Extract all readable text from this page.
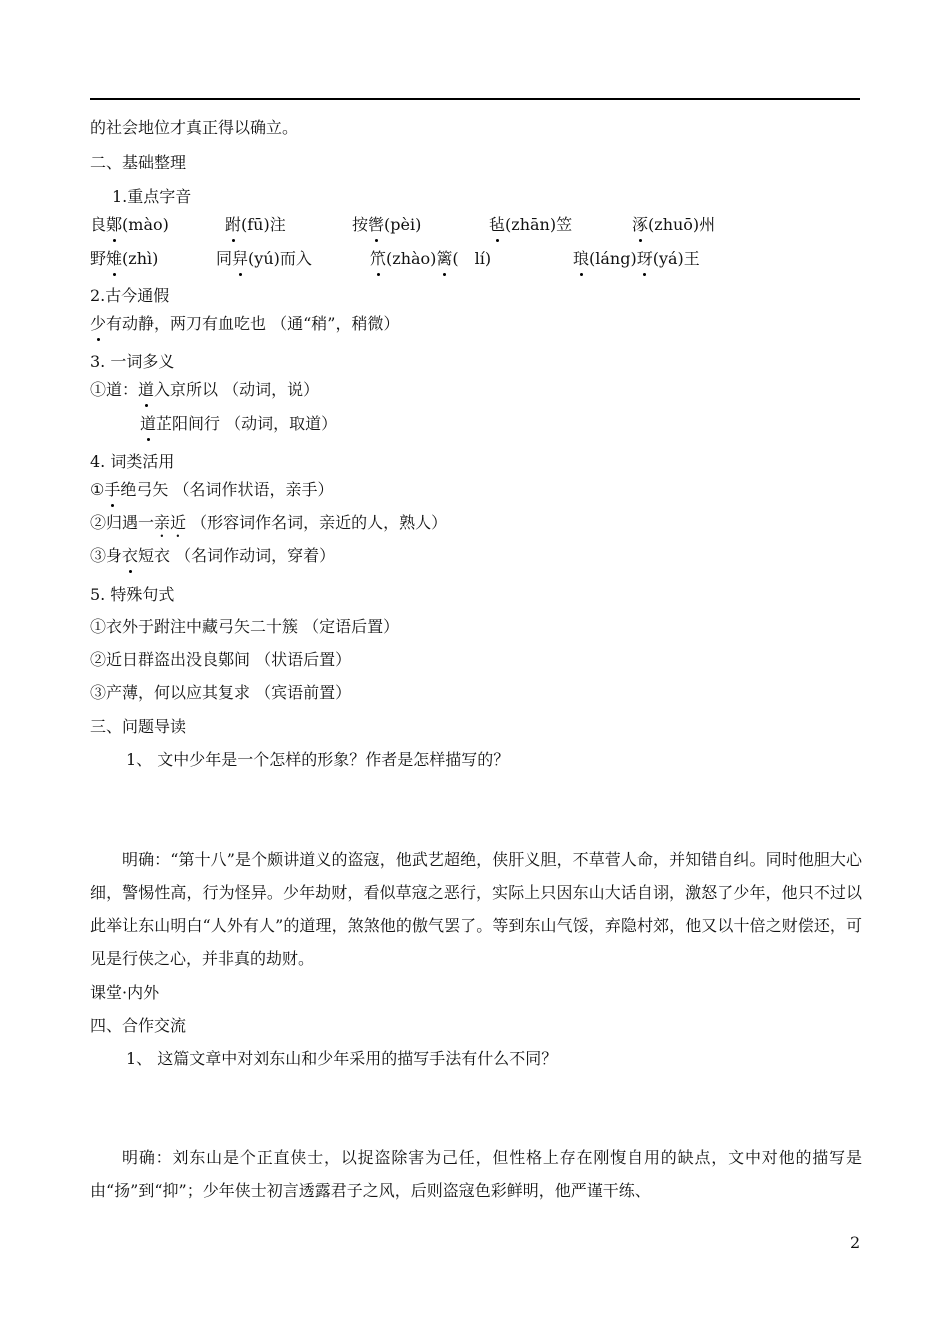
的社会地位才真正得以确立。
二、基础整理
1.重点字音
良鄚(mào)	跗(fū)注	按辔(pèi)	毡(zhān)笠	涿(zhuō)州
野雉(zhì)	同舁(yú)而入	笊(zhào)篱(　lí)	琅(láng)玡(yá)王
2.古今通假
少有动静，两刀有血吃也 （通“稍”，稍微）
3. 一词多义
①道：道入京所以 （动词，说）
道芷阳间行 （动词，取道）
4. 词类活用
①手绝弓矢 （名词作状语，亲手）
②归遇一亲近 （形容词作名词，亲近的人，熟人）
③身衣短衣 （名词作动词，穿着）
5. 特殊句式
①衣外于跗注中藏弓矢二十簇 （定语后置）
②近日群盗出没良鄚间 （状语后置）
③产薄，何以应其复求 （宾语前置）
三、问题导读
1、 文中少年是一个怎样的形象？作者是怎样描写的？
明确：“第十八”是个颇讲道义的盗寇，他武艺超绝，侠肝义胆，不草菅人命，并知错自纠。同时他胆大心细，警惕性高，行为怪异。少年劫财，看似草寇之恶行，实际上只因东山大话自诩，激怒了少年，他只不过以此举让东山明白“人外有人”的道理，煞煞他的傲气罢了。等到东山气馁，弃隐村郊，他又以十倍之财偿还，可见是行侠之心，并非真的劫财。
课堂·内外
四、合作交流
1、 这篇文章中对刘东山和少年采用的描写手法有什么不同？
明确：刘东山是个正直侠士，以捉盗除害为己任，但性格上存在刚愎自用的缺点，文中对他的描写是由“扬”到“抑”；少年侠士初言透露君子之风，后则盗寇色彩鲜明，他严谨干练、
2
